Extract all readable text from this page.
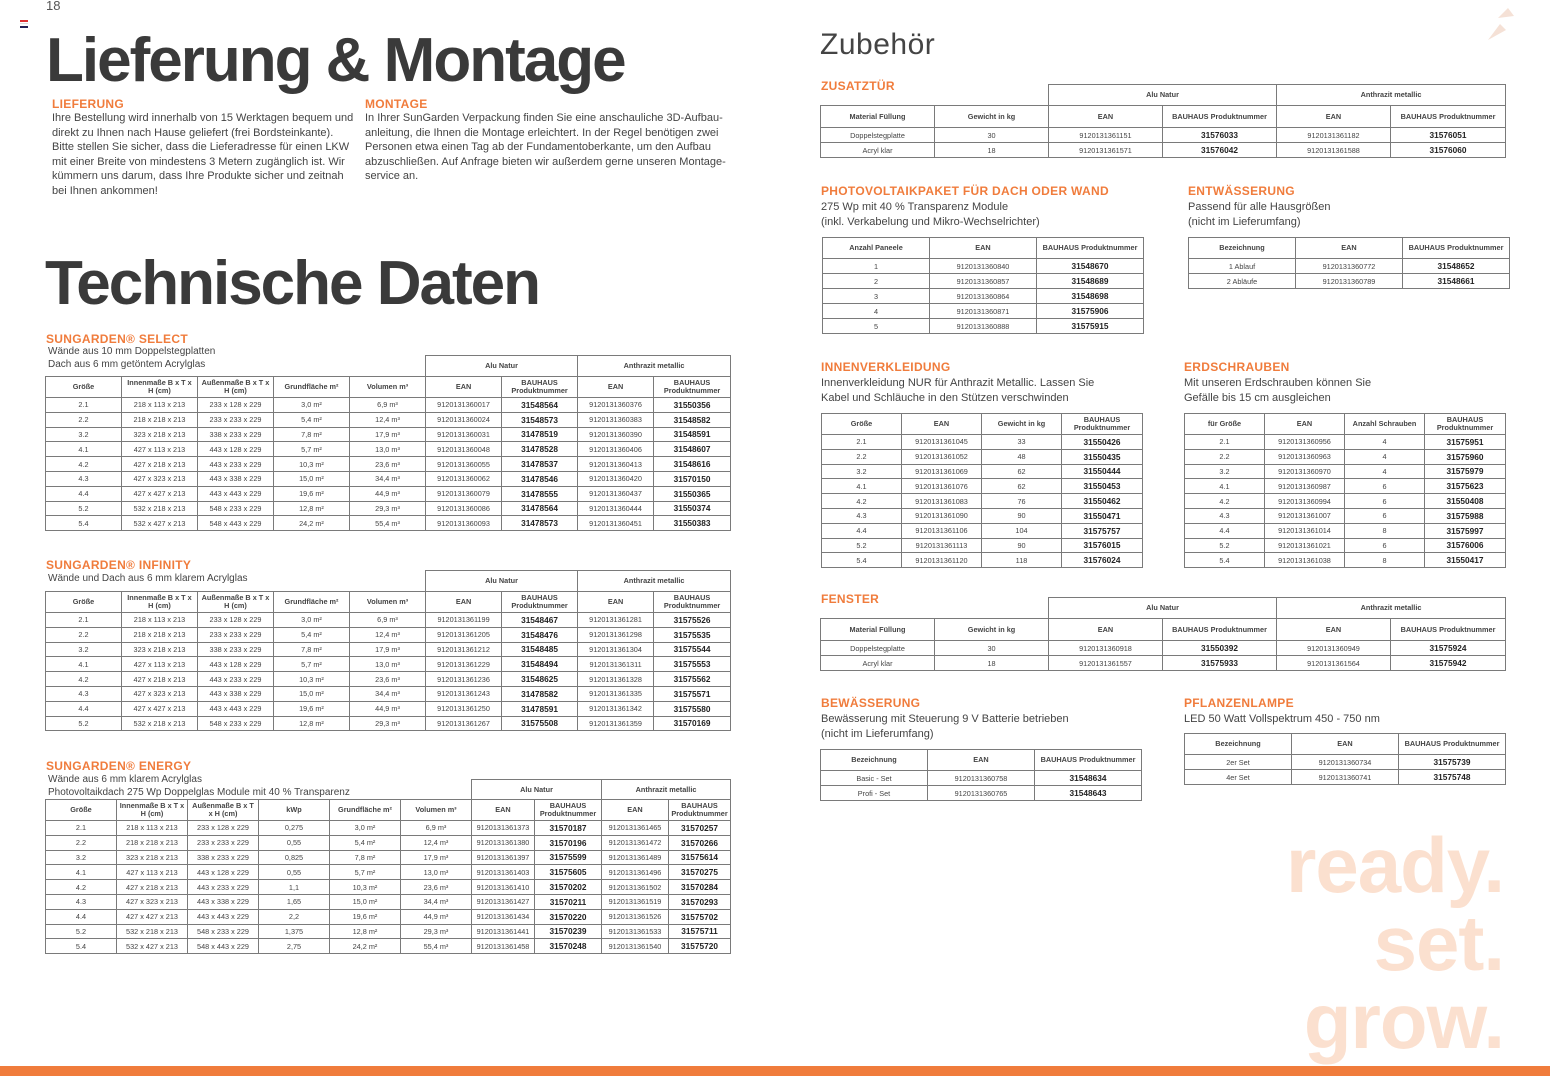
18
Lieferung & Montage
LIEFERUNG
Ihre Bestellung wird innerhalb von 15 Werktagen bequem und
direkt zu Ihnen nach Hause geliefert (frei Bordsteinkante).
Bitte stellen Sie sicher, dass die Lieferadresse für einen LKW
mit einer Breite von mindestens 3 Metern zugänglich ist. Wir
kümmern uns darum, dass Ihre Produkte sicher und zeitnah
bei Ihnen ankommen!
MONTAGE
In Ihrer SunGarden Verpackung finden Sie eine anschauliche 3D-Aufbau-
anleitung, die Ihnen die Montage erleichtert. In der Regel benötigen zwei
Personen etwa einen Tag ab der Fundamentoberkante, um den Aufbau
abzuschließen. Auf Anfrage bieten wir außerdem gerne unseren Montage-
service an.
Technische Daten
SUNGARDEN® SELECT
Wände aus 10 mm Doppelstegplatten
Dach aus 6 mm getöntem Acrylglas
					Alu Natur		Anthrazit metallic	
Größe	Innenmaße B x T x H (cm)	Außenmaße B x T x H (cm)	Grundfläche m²	Volumen m³	EAN	BAUHAUS Produktnummer	EAN	BAUHAUS Produktnummer
2.1	218 x 113 x 213	233 x 128 x 229	3,0 m²	6,9 m³	9120131360017	31548564	9120131360376	31550356
2.2	218 x 218 x 213	233 x 233 x 229	5,4 m²	12,4 m³	9120131360024	31548573	9120131360383	31548582
3.2	323 x 218 x 213	338 x 233 x 229	7,8 m²	17,9 m³	9120131360031	31478519	9120131360390	31548591
4.1	427 x 113 x 213	443 x 128 x 229	5,7 m²	13,0 m³	9120131360048	31478528	9120131360406	31548607
4.2	427 x 218 x 213	443 x 233 x 229	10,3 m²	23,6 m³	9120131360055	31478537	9120131360413	31548616
4.3	427 x 323 x 213	443 x 338 x 229	15,0 m²	34,4 m³	9120131360062	31478546	9120131360420	31570150
4.4	427 x 427 x 213	443 x 443 x 229	19,6 m²	44,9 m³	9120131360079	31478555	9120131360437	31550365
5.2	532 x 218 x 213	548 x 233 x 229	12,8 m²	29,3 m³	9120131360086	31478564	9120131360444	31550374
5.4	532 x 427 x 213	548 x 443 x 229	24,2 m²	55,4 m³	9120131360093	31478573	9120131360451	31550383
SUNGARDEN® INFINITY
Wände und Dach aus 6 mm klarem Acrylglas
					Alu Natur		Anthrazit metallic	
Größe	Innenmaße B x T x H (cm)	Außenmaße B x T x H (cm)	Grundfläche m²	Volumen m³	EAN	BAUHAUS Produktnummer	EAN	BAUHAUS Produktnummer
2.1	218 x 113 x 213	233 x 128 x 229	3,0 m²	6,9 m³	9120131361199	31548467	9120131361281	31575526
2.2	218 x 218 x 213	233 x 233 x 229	5,4 m²	12,4 m³	9120131361205	31548476	9120131361298	31575535
3.2	323 x 218 x 213	338 x 233 x 229	7,8 m²	17,9 m³	9120131361212	31548485	9120131361304	31575544
4.1	427 x 113 x 213	443 x 128 x 229	5,7 m²	13,0 m³	9120131361229	31548494	9120131361311	31575553
4.2	427 x 218 x 213	443 x 233 x 229	10,3 m²	23,6 m³	9120131361236	31548625	9120131361328	31575562
4.3	427 x 323 x 213	443 x 338 x 229	15,0 m²	34,4 m³	9120131361243	31478582	9120131361335	31575571
4.4	427 x 427 x 213	443 x 443 x 229	19,6 m²	44,9 m³	9120131361250	31478591	9120131361342	31575580
5.2	532 x 218 x 213	548 x 233 x 229	12,8 m²	29,3 m³	9120131361267	31575508	9120131361359	31570169
SUNGARDEN® ENERGY
Wände aus 6 mm klarem Acrylglas
Photovoltaikdach 275 Wp Doppelglas Module mit 40 % Transparenz
						Alu Natur		Anthrazit metallic	
Größe	Innenmaße B x T x H (cm)	Außenmaße B x T x H (cm)	kWp	Grundfläche m²	Volumen m³	EAN	BAUHAUS Produktnummer	EAN	BAUHAUS Produktnummer
2.1	218 x 113 x 213	233 x 128 x 229	0,275	3,0 m²	6,9 m³	9120131361373	31570187	9120131361465	31570257
2.2	218 x 218 x 213	233 x 233 x 229	0,55	5,4 m²	12,4 m³	9120131361380	31570196	9120131361472	31570266
3.2	323 x 218 x 213	338 x 233 x 229	0,825	7,8 m²	17,9 m³	9120131361397	31575599	9120131361489	31575614
4.1	427 x 113 x 213	443 x 128 x 229	0,55	5,7 m²	13,0 m³	9120131361403	31575605	9120131361496	31570275
4.2	427 x 218 x 213	443 x 233 x 229	1,1	10,3 m²	23,6 m³	9120131361410	31570202	9120131361502	31570284
4.3	427 x 323 x 213	443 x 338 x 229	1,65	15,0 m²	34,4 m³	9120131361427	31570211	9120131361519	31570293
4.4	427 x 427 x 213	443 x 443 x 229	2,2	19,6 m²	44,9 m³	9120131361434	31570220	9120131361526	31575702
5.2	532 x 218 x 213	548 x 233 x 229	1,375	12,8 m²	29,3 m³	9120131361441	31570239	9120131361533	31575711
5.4	532 x 427 x 213	548 x 443 x 229	2,75	24,2 m²	55,4 m³	9120131361458	31570248	9120131361540	31575720
Zubehör
ZUSATZTÜR
		Alu Natur		Anthrazit metallic	
Material Füllung	Gewicht in kg	EAN	BAUHAUS Produktnummer	EAN	BAUHAUS Produktnummer
Doppelstegplatte	30	9120131361151	31576033	9120131361182	31576051
Acryl klar	18	9120131361571	31576042	9120131361588	31576060
PHOTOVOLTAIKPAKET FÜR DACH ODER WAND
275 Wp mit 40 % Transparenz Module
(inkl. Verkabelung und Mikro-Wechselrichter)
Anzahl Paneele	EAN	BAUHAUS Produktnummer
1	9120131360840	31548670
2	9120131360857	31548689
3	9120131360864	31548698
4	9120131360871	31575906
5	9120131360888	31575915
ENTWÄSSERUNG
Passend für alle Hausgrößen
(nicht im Lieferumfang)
Bezeichnung	EAN	BAUHAUS Produktnummer
1 Ablauf	9120131360772	31548652
2 Abläufe	9120131360789	31548661
INNENVERKLEIDUNG
Innenverkleidung NUR für Anthrazit Metallic. Lassen Sie
Kabel und Schläuche in den Stützen verschwinden
Größe	EAN	Gewicht in kg	BAUHAUS Produktnummer
2.1	9120131361045	33	31550426
2.2	9120131361052	48	31550435
3.2	9120131361069	62	31550444
4.1	9120131361076	62	31550453
4.2	9120131361083	76	31550462
4.3	9120131361090	90	31550471
4.4	9120131361106	104	31575757
5.2	9120131361113	90	31576015
5.4	9120131361120	118	31576024
ERDSCHRAUBEN
Mit unseren Erdschrauben können Sie
Gefälle bis 15 cm ausgleichen
für Größe	EAN	Anzahl Schrauben	BAUHAUS Produktnummer
2.1	9120131360956	4	31575951
2.2	9120131360963	4	31575960
3.2	9120131360970	4	31575979
4.1	9120131360987	6	31575623
4.2	9120131360994	6	31550408
4.3	9120131361007	6	31575988
4.4	9120131361014	8	31575997
5.2	9120131361021	6	31576006
5.4	9120131361038	8	31550417
FENSTER
		Alu Natur		Anthrazit metallic	
Material Füllung	Gewicht in kg	EAN	BAUHAUS Produktnummer	EAN	BAUHAUS Produktnummer
Doppelstegplatte	30	9120131360918	31550392	9120131360949	31575924
Acryl klar	18	9120131361557	31575933	9120131361564	31575942
BEWÄSSERUNG
Bewässerung mit Steuerung 9 V Batterie betrieben
(nicht im Lieferumfang)
Bezeichnung	EAN	BAUHAUS Produktnummer
Basic - Set	9120131360758	31548634
Profi - Set	9120131360765	31548643
PFLANZENLAMPE
LED 50 Watt Vollspektrum 450 - 750 nm
Bezeichnung	EAN	BAUHAUS Produktnummer
2er Set	9120131360734	31575739
4er Set	9120131360741	31575748
ready.
set.
grow.
